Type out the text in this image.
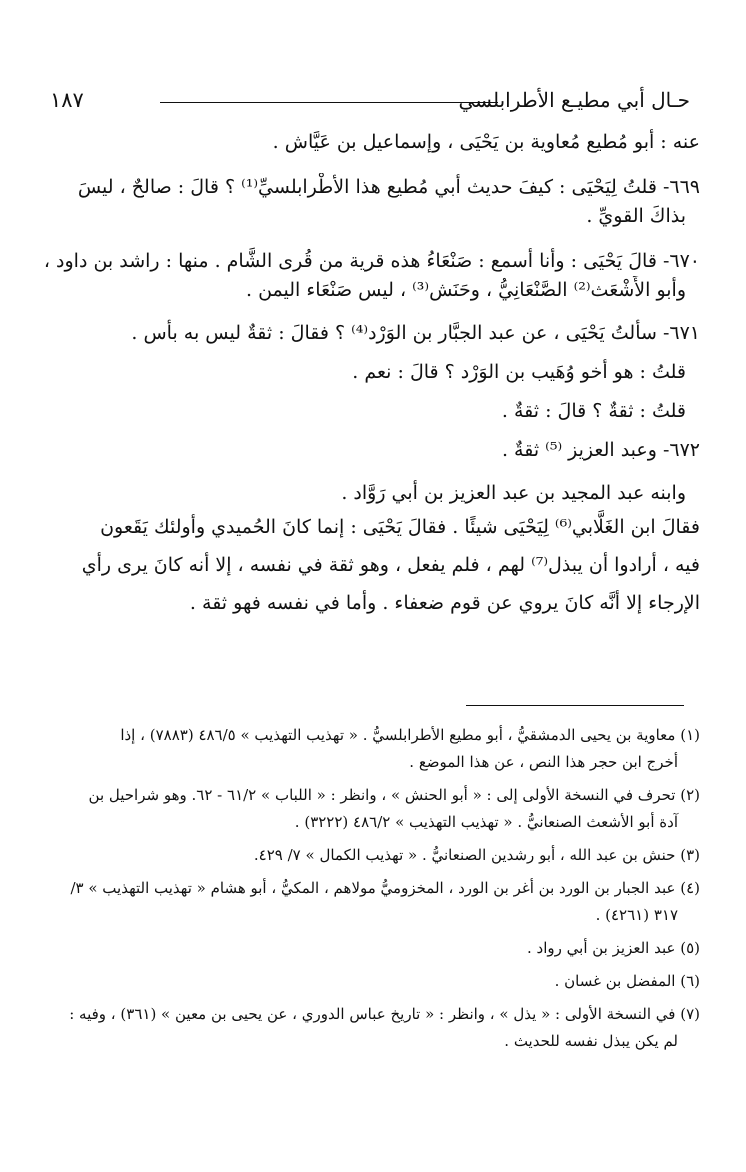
١٨٧	حـال أبي مطيـع الأطرابلسي

عنه : أبو مُطيع مُعاوية بن يَحْيَى ، وإسماعيل بن عَيَّاش .

٦٦٩- قلتُ لِيَحْيَى : كيفَ حديث أبي مُطيع هذا الأطْرابلسيِّ⁽¹⁾ ؟ قالَ : صالحٌ ، ليسَ

بذاكَ القويِّ .

٦٧٠- قالَ يَحْيَى : وأنا أسمع : صَنْعَاءُ هذه قرية من قُرى الشَّام . منها : راشد بن داود ،

وأبو الأَشْعَث⁽²⁾ الصَّنْعَانِيُّ ، وحَنَش⁽³⁾ ، ليس صَنْعَاء اليمن .

٦٧١- سألتُ يَحْيَى ، عن عبد الجبَّار بن الوَرْد⁽⁴⁾ ؟ فقالَ : ثقةٌ ليس به بأس .

قلتُ : هو أخو وُهَيب بن الوَرْد ؟ قالَ : نعم .

قلتُ : ثقةٌ ؟ قالَ : ثقةٌ .

٦٧٢- وعبد العزيز ⁽⁵⁾ ثقةٌ .

وابنه عبد المجيد بن عبد العزيز بن أبي رَوَّاد .

فقالَ ابن الغَلَّابي⁽⁶⁾ لِيَحْيَى شيئًا . فقالَ يَحْيَى : إنما كانَ الحُميدي وأولئك يَقَعون

فيه ، أرادوا أن يبذل⁽⁷⁾ لهم ، فلم يفعل ، وهو ثقة في نفسه ، إلا أنه كانَ يرى رأي

الإرجاء إلا أنَّه كانَ يروي عن قوم ضعفاء . وأما في نفسه فهو ثقة .

(١) معاوية بن يحيى الدمشقيُّ ، أبو مطيع الأطرابلسيُّ . « تهذيب التهذيب » ٤٨٦/٥ (٧٨٨٣) ، إذا

أخرج ابن حجر هذا النص ، عن هذا الموضع .

(٢) تحرف في النسخة الأولى إلى : « أبو الحنش » ، وانظر : « اللباب » ٦١/٢ - ٦٢. وهو شراحيل بن

آدة أبو الأشعث الصنعانيُّ . « تهذيب التهذيب » ٤٨٦/٢ (٣٢٢٢) .

(٣) حنش بن عبد الله ، أبو رشدين الصنعانيُّ . « تهذيب الكمال » ٧/ ٤٢٩.

(٤) عبد الجبار بن الورد بن أغر بن الورد ، المخزوميُّ مولاهم ، المكيُّ ، أبو هشام « تهذيب التهذيب » ٣/

٣١٧ (٤٢٦١) .

(٥) عبد العزيز بن أبي رواد .

(٦) المفضل بن غسان .

(٧) في النسخة الأولى : « يذل » ، وانظر : « تاريخ عباس الدوري ، عن يحيى بن معين » (٣٦١) ، وفيه :

لم يكن يبذل نفسه للحديث .
